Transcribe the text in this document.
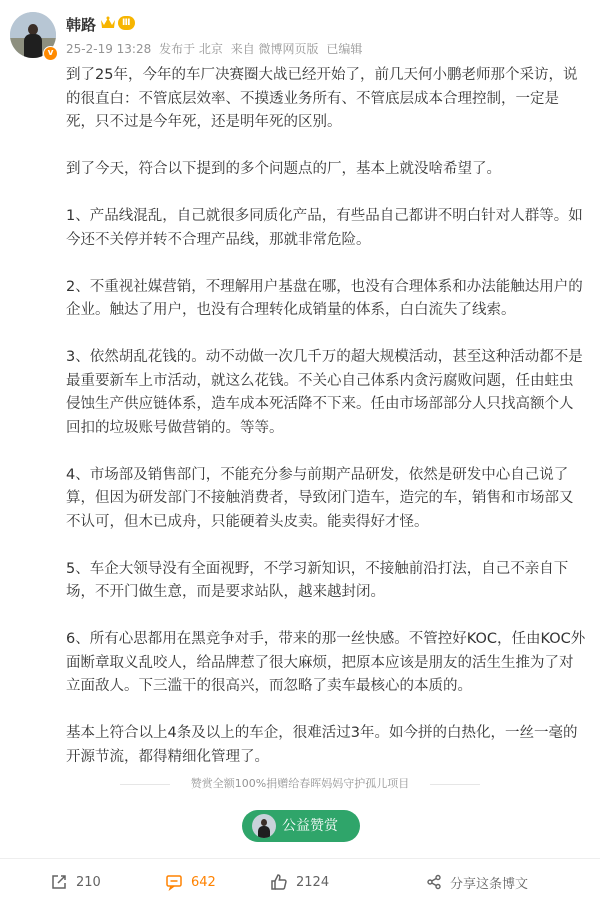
v
韩路	Ⅲ
25-2-19 13:28 发布于 北京 来自 微博网页版 已编辑

到了25年，今年的车厂决赛圈大战已经开始了，前几天何小鹏老师那个采访，说的很直白：不管底层效率、不摸透业务所有、不管底层成本合理控制，一定是死，只不过是今年死，还是明年死的区别。

到了今天，符合以下提到的多个问题点的厂，基本上就没啥希望了。

1、产品线混乱，自己就很多同质化产品，有些品自己都讲不明白针对人群等。如今还不关停并转不合理产品线，那就非常危险。

2、不重视社媒营销，不理解用户基盘在哪，也没有合理体系和办法能触达用户的企业。触达了用户，也没有合理转化成销量的体系，白白流失了线索。

3、依然胡乱花钱的。动不动做一次几千万的超大规模活动，甚至这种活动都不是最重要新车上市活动，就这么花钱。不关心自己体系内贪污腐败问题，任由蛀虫侵蚀生产供应链体系，造车成本死活降不下来。任由市场部部分人只找高额个人回扣的垃圾账号做营销的。等等。

4、市场部及销售部门，不能充分参与前期产品研发，依然是研发中心自己说了算，但因为研发部门不接触消费者，导致闭门造车，造完的车，销售和市场部又不认可，但木已成舟，只能硬着头皮卖。能卖得好才怪。

5、车企大领导没有全面视野，不学习新知识，不接触前沿打法，自己不亲自下场，不开门做生意，而是要求站队，越来越封闭。

6、所有心思都用在黑竞争对手，带来的那一丝快感。不管控好KOC，任由KOC外面断章取义乱咬人，给品牌惹了很大麻烦，把原本应该是朋友的活生生推为了对立面敌人。下三滥干的很高兴，而忽略了卖车最核心的本质的。

基本上符合以上4条及以上的车企，很难活过3年。如今拼的白热化，一丝一毫的开源节流，都得精细化管理了。

赞赏全额100%捐赠给春晖妈妈守护孤儿项目
公益赞赏
210	642	2124	分享这条博文
